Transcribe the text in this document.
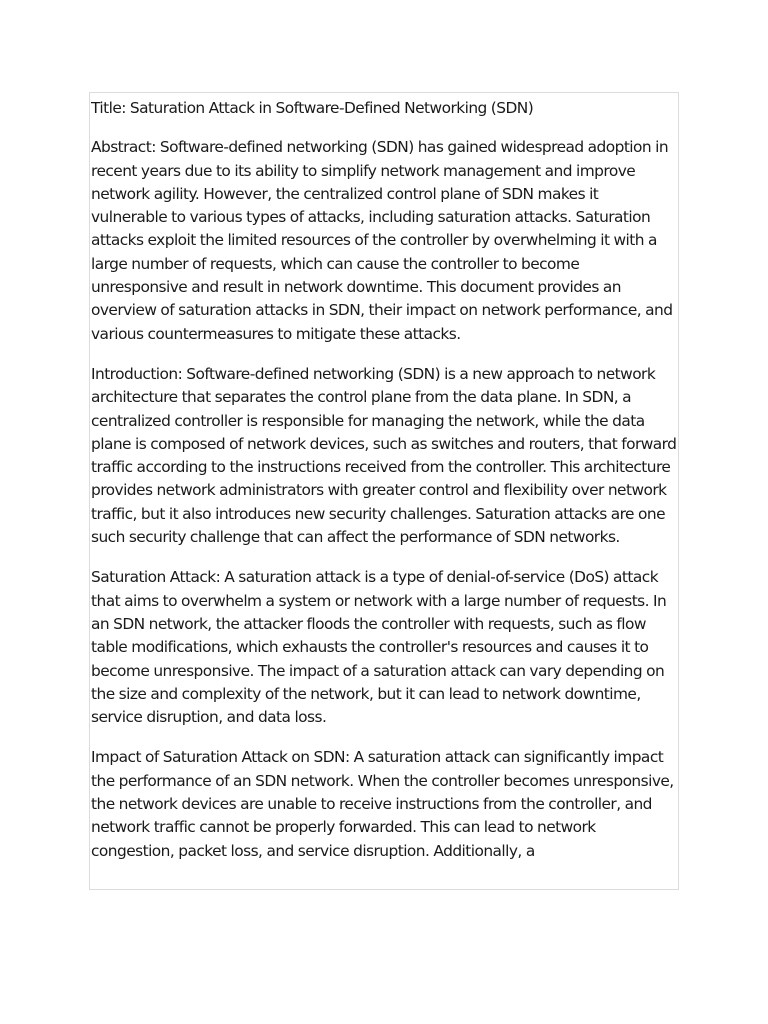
Title: Saturation Attack in Software-Defined Networking (SDN)

Abstract: Software-defined networking (SDN) has gained widespread adoption in recent years due to its ability to simplify network management and improve network agility. However, the centralized control plane of SDN makes it vulnerable to various types of attacks, including saturation attacks. Saturation attacks exploit the limited resources of the controller by overwhelming it with a large number of requests, which can cause the controller to become unresponsive and result in network downtime. This document provides an overview of saturation attacks in SDN, their impact on network performance, and various countermeasures to mitigate these attacks.

Introduction: Software-defined networking (SDN) is a new approach to network architecture that separates the control plane from the data plane. In SDN, a centralized controller is responsible for managing the network, while the data plane is composed of network devices, such as switches and routers, that forward traffic according to the instructions received from the controller. This architecture provides network administrators with greater control and flexibility over network traffic, but it also introduces new security challenges. Saturation attacks are one such security challenge that can affect the performance of SDN networks.

Saturation Attack: A saturation attack is a type of denial-of-service (DoS) attack that aims to overwhelm a system or network with a large number of requests. In an SDN network, the attacker floods the controller with requests, such as flow table modifications, which exhausts the controller's resources and causes it to become unresponsive. The impact of a saturation attack can vary depending on the size and complexity of the network, but it can lead to network downtime, service disruption, and data loss.

Impact of Saturation Attack on SDN: A saturation attack can significantly impact the performance of an SDN network. When the controller becomes unresponsive, the network devices are unable to receive instructions from the controller, and network traffic cannot be properly forwarded. This can lead to network congestion, packet loss, and service disruption. Additionally, a
